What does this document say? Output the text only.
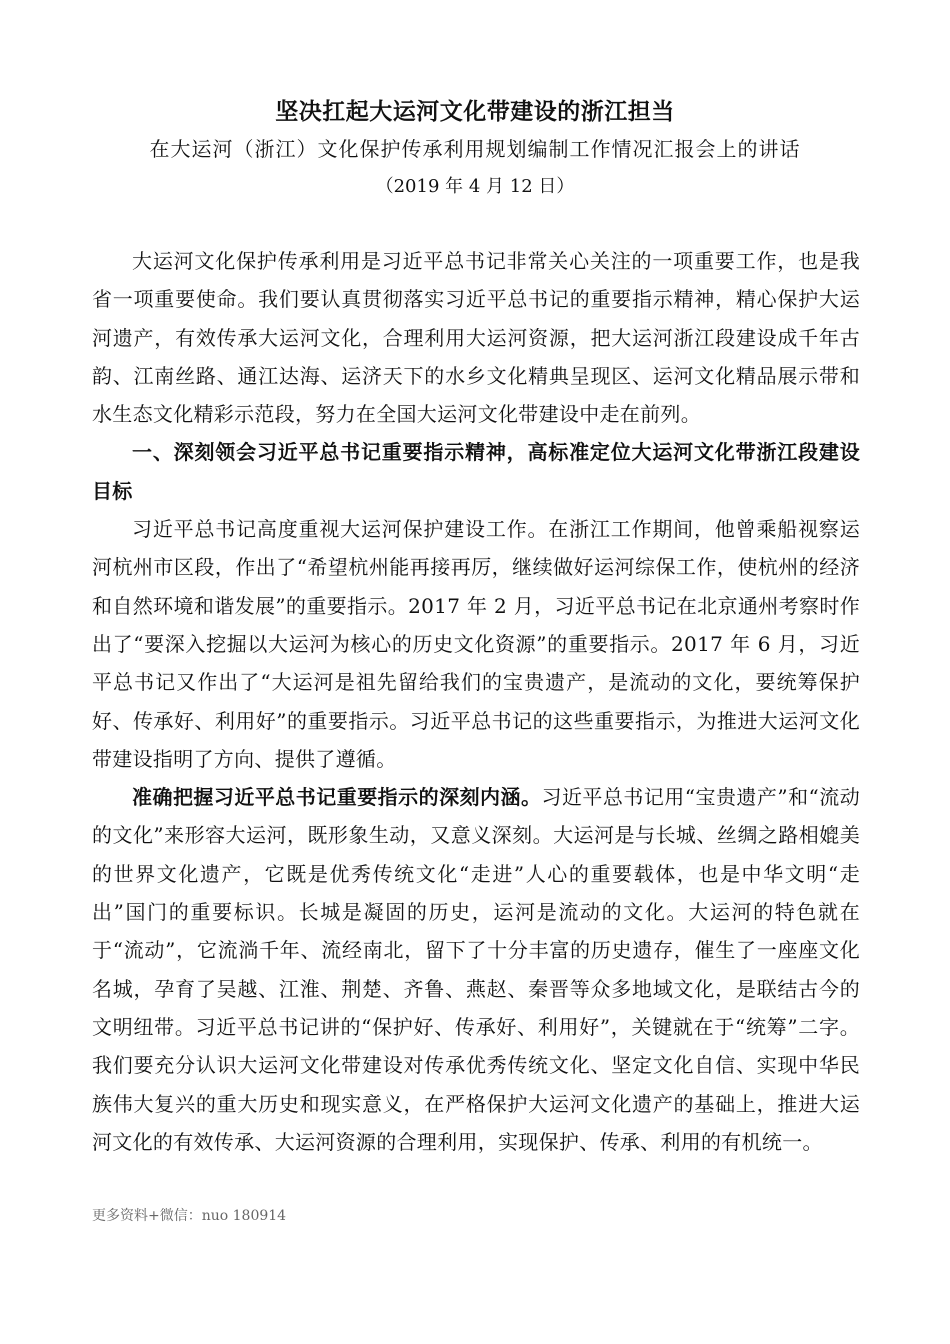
坚决扛起大运河文化带建设的浙江担当
在大运河（浙江）文化保护传承利用规划编制工作情况汇报会上的讲话
（2019 年 4 月 12 日）

大运河文化保护传承利用是习近平总书记非常关心关注的一项重要工作，也是我省一项重要使命。我们要认真贯彻落实习近平总书记的重要指示精神，精心保护大运河遗产，有效传承大运河文化，合理利用大运河资源，把大运河浙江段建设成千年古韵、江南丝路、通江达海、运济天下的水乡文化精典呈现区、运河文化精品展示带和水生态文化精彩示范段，努力在全国大运河文化带建设中走在前列。

一、深刻领会习近平总书记重要指示精神，高标准定位大运河文化带浙江段建设目标

习近平总书记高度重视大运河保护建设工作。在浙江工作期间，他曾乘船视察运河杭州市区段，作出了“希望杭州能再接再厉，继续做好运河综保工作，使杭州的经济和自然环境和谐发展”的重要指示。2017 年 2 月，习近平总书记在北京通州考察时作出了“要深入挖掘以大运河为核心的历史文化资源”的重要指示。2017 年 6 月，习近平总书记又作出了“大运河是祖先留给我们的宝贵遗产，是流动的文化，要统筹保护好、传承好、利用好”的重要指示。习近平总书记的这些重要指示，为推进大运河文化带建设指明了方向、提供了遵循。

准确把握习近平总书记重要指示的深刻内涵。习近平总书记用“宝贵遗产”和“流动的文化”来形容大运河，既形象生动，又意义深刻。大运河是与长城、丝绸之路相媲美的世界文化遗产，它既是优秀传统文化“走进”人心的重要载体，也是中华文明“走出”国门的重要标识。长城是凝固的历史，运河是流动的文化。大运河的特色就在于“流动”，它流淌千年、流经南北，留下了十分丰富的历史遗存，催生了一座座文化名城，孕育了吴越、江淮、荆楚、齐鲁、燕赵、秦晋等众多地域文化，是联结古今的文明纽带。习近平总书记讲的“保护好、传承好、利用好”，关键就在于“统筹”二字。我们要充分认识大运河文化带建设对传承优秀传统文化、坚定文化自信、实现中华民族伟大复兴的重大历史和现实意义，在严格保护大运河文化遗产的基础上，推进大运河文化的有效传承、大运河资源的合理利用，实现保护、传承、利用的有机统一。

更多资料+微信：nuo 180914
